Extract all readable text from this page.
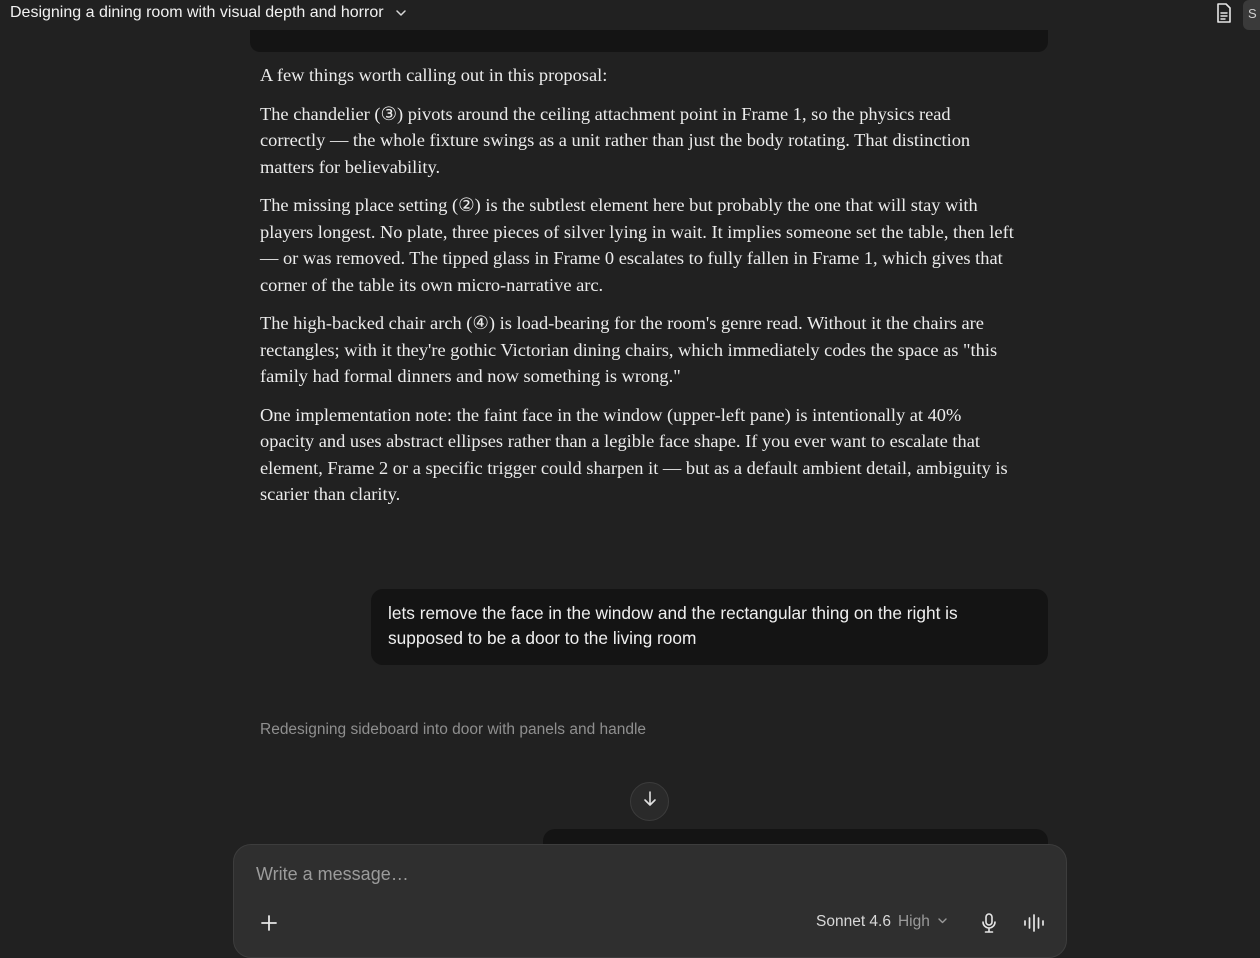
Designing a dining room with visual depth and horror	S

A few things worth calling out in this proposal:

The chandelier (③) pivots around the ceiling attachment point in Frame 1, so the physics read correctly — the whole fixture swings as a unit rather than just the body rotating. That distinction matters for believability.

The missing place setting (②) is the subtlest element here but probably the one that will stay with players longest. No plate, three pieces of silver lying in wait. It implies someone set the table, then left — or was removed. The tipped glass in Frame 0 escalates to fully fallen in Frame 1, which gives that corner of the table its own micro-narrative arc.

The high-backed chair arch (④) is load-bearing for the room's genre read. Without it the chairs are rectangles; with it they're gothic Victorian dining chairs, which immediately codes the space as "this family had formal dinners and now something is wrong."

One implementation note: the faint face in the window (upper-left pane) is intentionally at 40% opacity and uses abstract ellipses rather than a legible face shape. If you ever want to escalate that element, Frame 2 or a specific trigger could sharpen it — but as a default ambient detail, ambiguity is scarier than clarity.

lets remove the face in the window and the rectangular thing on the right is supposed to be a door to the living room
Redesigning sideboard into door with panels and handle
Write a message…
Sonnet 4.6 High
